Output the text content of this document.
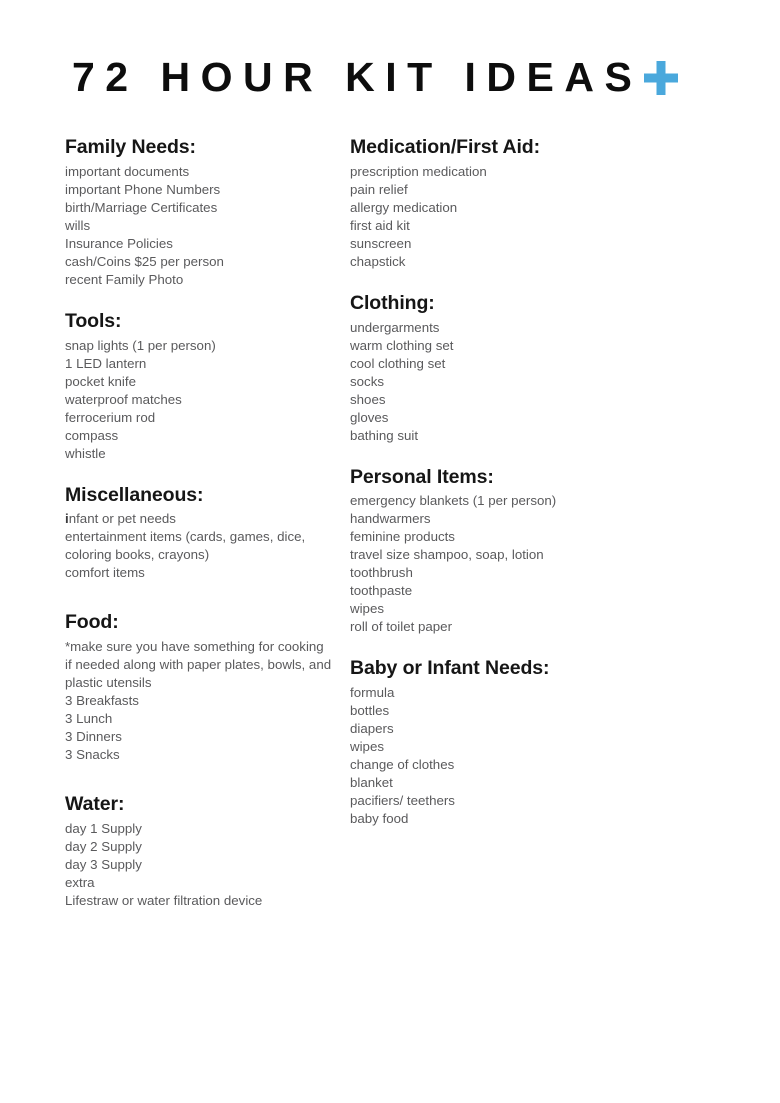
72 HOUR KIT IDEAS
Family Needs:
important documents
important Phone Numbers
birth/Marriage Certificates
wills
Insurance Policies
cash/Coins $25 per person
recent Family Photo
Tools:
snap lights (1 per person)
1 LED lantern
pocket knife
waterproof matches
ferrocerium rod
compass
whistle
Miscellaneous:
infant or pet needs
entertainment items (cards, games, dice, coloring books, crayons)
comfort items
Food:
*make sure you have something for cooking if needed along with paper plates, bowls, and plastic utensils
3 Breakfasts
3 Lunch
3 Dinners
3 Snacks
Water:
day 1 Supply
day 2 Supply
day 3 Supply
extra
Lifestraw or water filtration device
Medication/First Aid:
prescription medication
pain relief
allergy medication
first aid kit
sunscreen
chapstick
Clothing:
undergarments
warm clothing set
cool clothing set
socks
shoes
gloves
bathing suit
Personal Items:
emergency blankets (1 per person)
handwarmers
feminine products
travel size shampoo, soap, lotion
toothbrush
toothpaste
wipes
roll of toilet paper
Baby or Infant Needs:
formula
bottles
diapers
wipes
change of clothes
blanket
pacifiers/ teethers
baby food
